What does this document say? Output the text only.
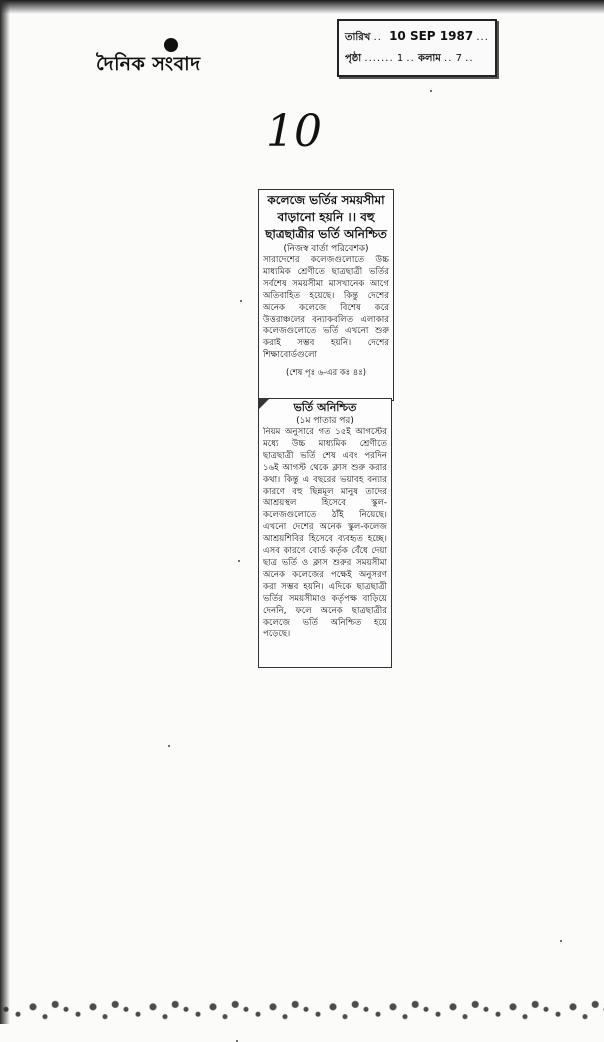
দৈনিক সংবাদ
তারিখ .. 10 SEP 1987 ...
পৃষ্ঠা ....... 1 .. কলাম .. 7 ..
10
কলেজে ভর্তির সময়সীমা বাড়ানো হয়নি ।। বহু ছাত্রছাত্রীর ভর্তি অনিশ্চিত
(নিজস্ব বার্তা পরিবেশক)
সারাদেশের কলেজগুলোতে উচ্চ মাধ্যমিক শ্রেণীতে ছাত্রছাত্রী ভর্তির সর্বশেষ সময়সীমা মাসখানেক আগে অতিবাহিত হয়েছে। কিন্তু দেশের অনেক কলেজে বিশেষ করে উত্তরাঞ্চলের বন্যাকবলিত এলাকার কলেজগুলোতে ভর্তি এখনো শুরু করাই সম্ভব হয়নি। দেশের শিক্ষাবোর্ডগুলো
(শেষ পৃঃ ৬-এর কঃ ৪ঃ)
ভর্তি অনিশ্চিত
(১ম পাতার পর)
নিয়ম অনুসারে গত ১৫ই আগস্টের মধ্যে উচ্চ মাধ্যমিক শ্রেণীতে ছাত্রছাত্রী ভর্তি শেষ এবং পরদিন ১৬ই আগস্ট থেকে ক্লাস শুরু করার কথা। কিন্তু এ বছরের ভয়াবহ বন্যার কারণে বহু ছিন্নমূল মানুষ তাদের আশ্রয়স্থল হিসেবে স্কুল-কলেজগুলোতে ঠাঁই নিয়েছে। এখনো দেশের অনেক স্কুল-কলেজ আশ্রয়শিবির হিসেবে ব্যবহৃত হচ্ছে। এসব কারণে বোর্ড কর্তৃক বেঁধে দেয়া ছাত্র ভর্তি ও ক্লাস শুরুর সময়সীমা অনেক কলেজের পক্ষেই অনুসরণ করা সম্ভব হয়নি। এদিকে ছাত্রছাত্রী ভর্তির সময়সীমাও কর্তৃপক্ষ বাড়িয়ে দেননি, ফলে অনেক ছাত্রছাত্রীর কলেজে ভর্তি অনিশ্চিত হয়ে পড়েছে।
